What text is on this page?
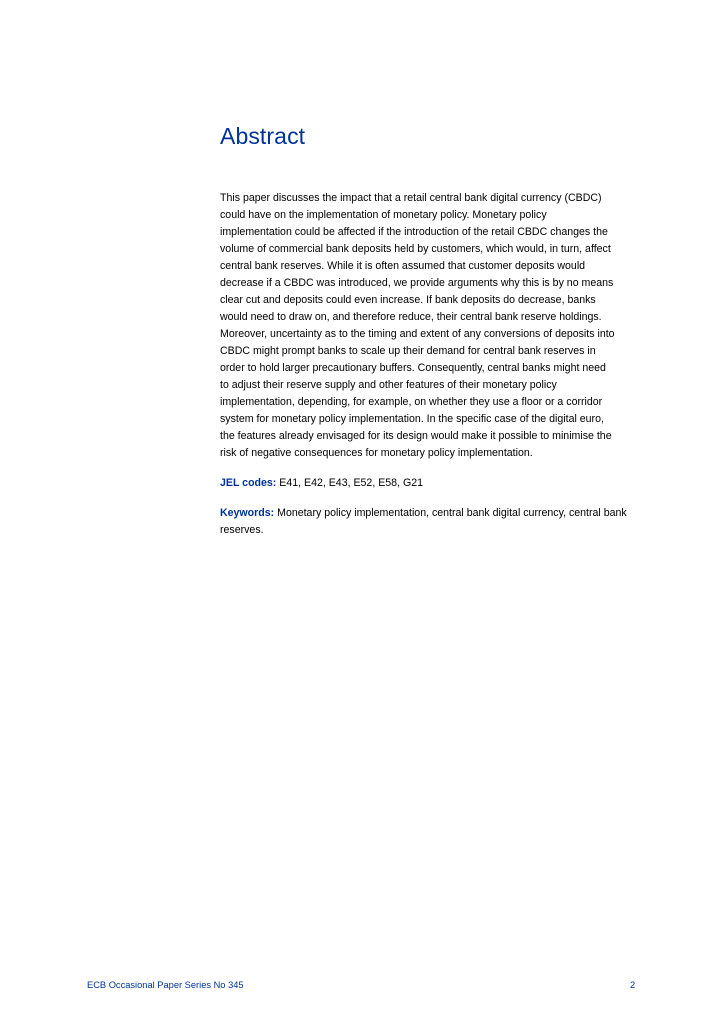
Abstract

This paper discusses the impact that a retail central bank digital currency (CBDC)
could have on the implementation of monetary policy. Monetary policy
implementation could be affected if the introduction of the retail CBDC changes the
volume of commercial bank deposits held by customers, which would, in turn, affect
central bank reserves. While it is often assumed that customer deposits would
decrease if a CBDC was introduced, we provide arguments why this is by no means
clear cut and deposits could even increase. If bank deposits do decrease, banks
would need to draw on, and therefore reduce, their central bank reserve holdings.
Moreover, uncertainty as to the timing and extent of any conversions of deposits into
CBDC might prompt banks to scale up their demand for central bank reserves in
order to hold larger precautionary buffers. Consequently, central banks might need
to adjust their reserve supply and other features of their monetary policy
implementation, depending, for example, on whether they use a floor or a corridor
system for monetary policy implementation. In the specific case of the digital euro,
the features already envisaged for its design would make it possible to minimise the
risk of negative consequences for monetary policy implementation.

JEL codes: E41, E42, E43, E52, E58, G21

Keywords: Monetary policy implementation, central bank digital currency, central bank reserves.

ECB Occasional Paper Series No 345	2
